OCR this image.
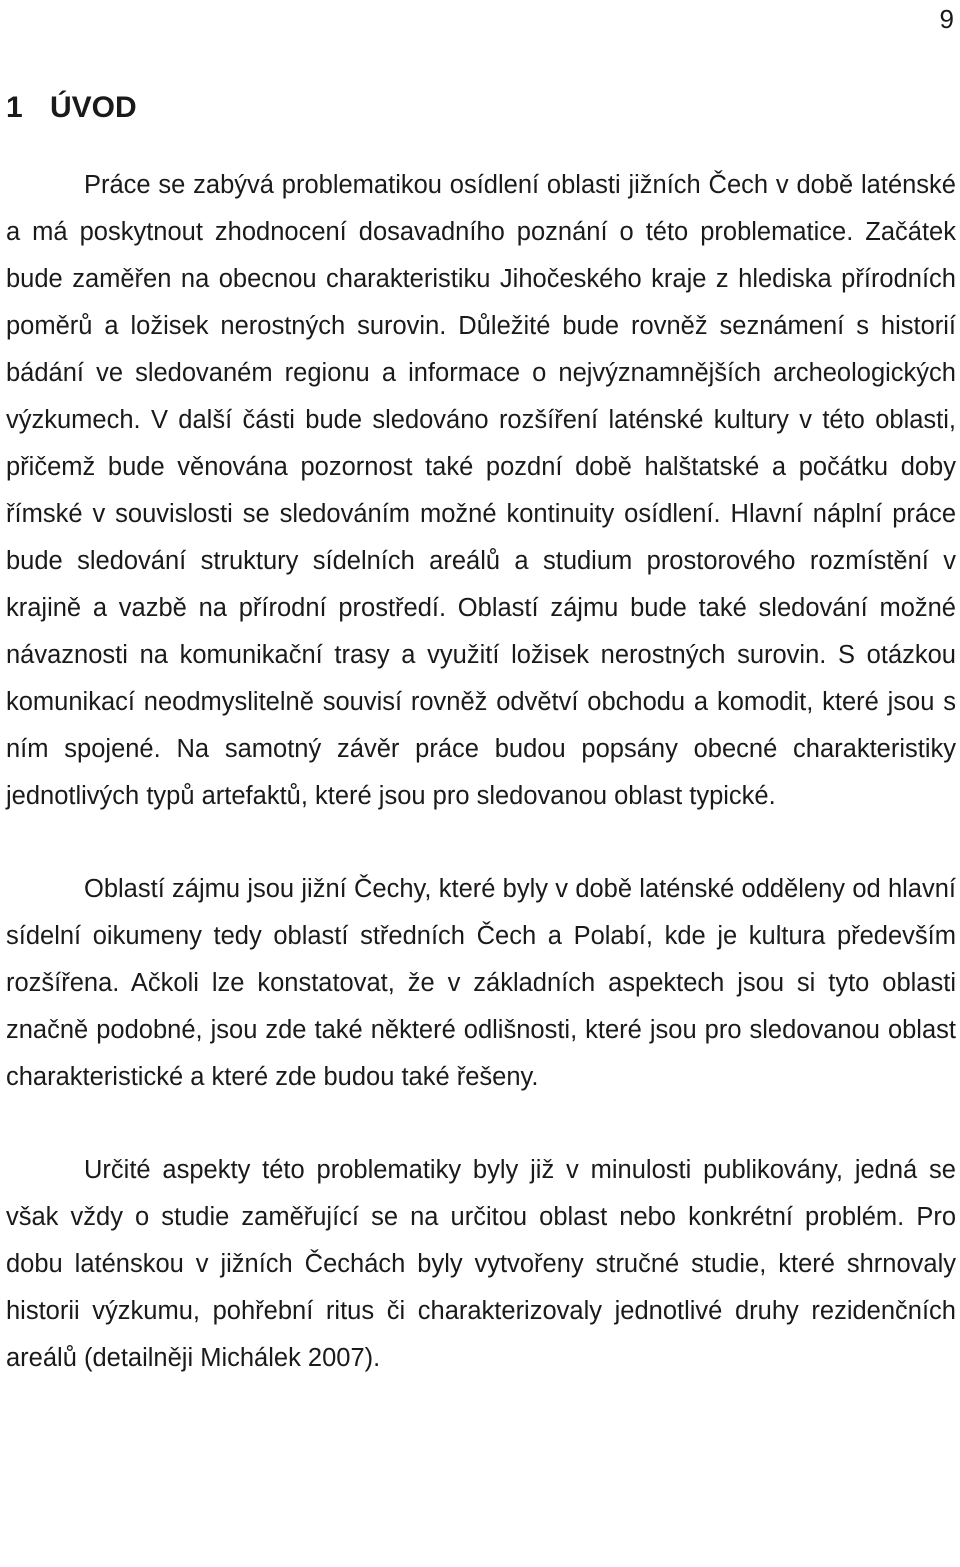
9
1 ÚVOD

Práce se zabývá problematikou osídlení oblasti jižních Čech v době laténské a má poskytnout zhodnocení dosavadního poznání o této problematice. Začátek bude zaměřen na obecnou charakteristiku Jihočeského kraje z hlediska přírodních poměrů a ložisek nerostných surovin. Důležité bude rovněž seznámení s historií bádání ve sledovaném regionu a informace o nejvýznamnějších archeologických výzkumech. V další části bude sledováno rozšíření laténské kultury v této oblasti, přičemž bude věnována pozornost také pozdní době halštatské a počátku doby římské v souvislosti se sledováním možné kontinuity osídlení. Hlavní náplní práce bude sledování struktury sídelních areálů a studium prostorového rozmístění v krajině a vazbě na přírodní prostředí. Oblastí zájmu bude také sledování možné návaznosti na komunikační trasy a využití ložisek nerostných surovin. S otázkou komunikací neodmyslitelně souvisí rovněž odvětví obchodu a komodit, které jsou s ním spojené. Na samotný závěr práce budou popsány obecné charakteristiky jednotlivých typů artefaktů, které jsou pro sledovanou oblast typické.

Oblastí zájmu jsou jižní Čechy, které byly v době laténské odděleny od hlavní sídelní oikumeny tedy oblastí středních Čech a Polabí, kde je kultura především rozšířena. Ačkoli lze konstatovat, že v základních aspektech jsou si tyto oblasti značně podobné, jsou zde také některé odlišnosti, které jsou pro sledovanou oblast charakteristické a které zde budou také řešeny.

Určité aspekty této problematiky byly již v minulosti publikovány, jedná se však vždy o studie zaměřující se na určitou oblast nebo konkrétní problém. Pro dobu laténskou v jižních Čechách byly vytvořeny stručné studie, které shrnovaly historii výzkumu, pohřební ritus či charakterizovaly jednotlivé druhy rezidenčních areálů (detailněji Michálek 2007).
